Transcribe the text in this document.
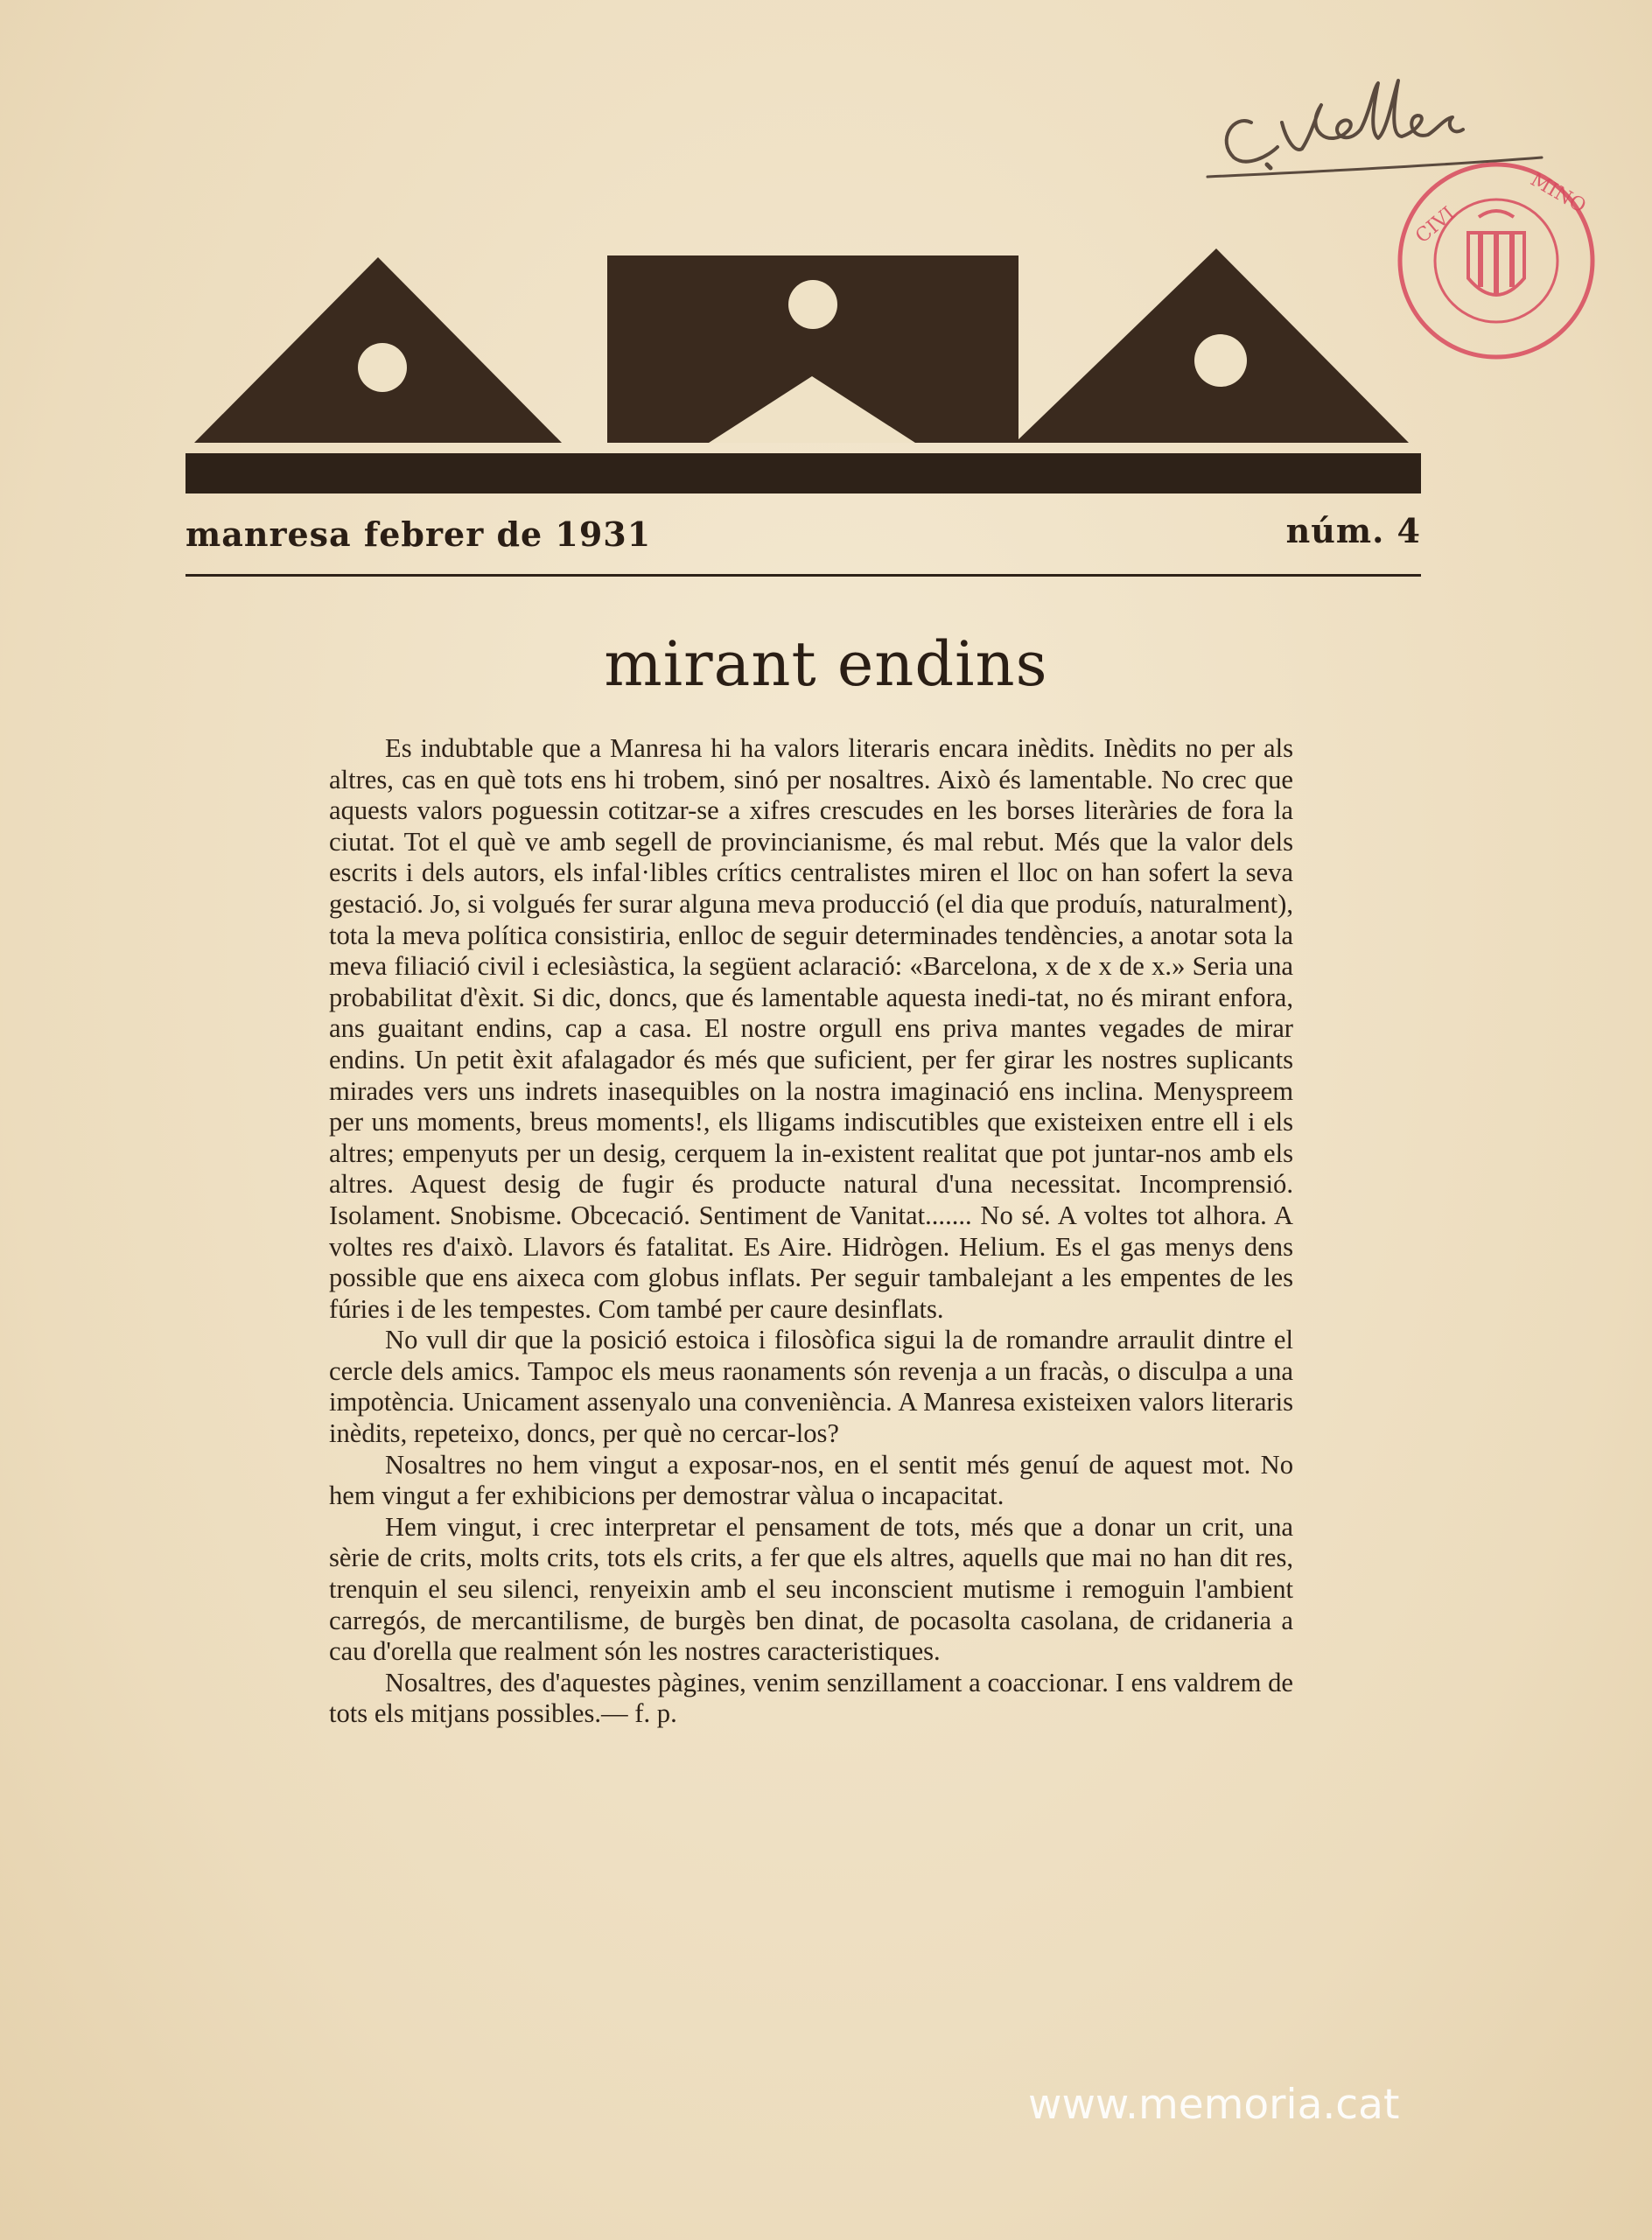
CIVI
MINO
manresa febrer de 1931	núm. 4
mirant endins

Es indubtable que a Manresa hi ha valors literaris encara inèdits. Inèdits no per als altres, cas en què tots ens hi trobem, sinó per nosaltres. Això és lamentable. No crec que aquests valors poguessin cotitzar-se a xifres crescudes en les borses literàries de fora la ciutat. Tot el què ve amb segell de provincianisme, és mal rebut. Més que la valor dels escrits i dels autors, els infal·libles crítics centralistes miren el lloc on han sofert la seva gestació. Jo, si volgués fer surar alguna meva producció (el dia que produís, naturalment), tota la meva política consistiria, enlloc de seguir determinades tendències, a anotar sota la meva filiació civil i eclesiàstica, la següent aclaració: «Barcelona, x de x de x.» Seria una probabilitat d'èxit. Si dic, doncs, que és lamentable aquesta inedi-tat, no és mirant enfora, ans guaitant endins, cap a casa. El nostre orgull ens priva mantes vegades de mirar endins. Un petit èxit afalagador és més que suficient, per fer girar les nostres suplicants mirades vers uns indrets inasequibles on la nostra imaginació ens inclina. Menyspreem per uns moments, breus moments!, els lligams indiscutibles que existeixen entre ell i els altres; empenyuts per un desig, cerquem la in-existent realitat que pot juntar-nos amb els altres. Aquest desig de fugir és producte natural d'una necessitat. Incomprensió. Isolament. Snobisme. Obcecació. Sentiment de Vanitat....... No sé. A voltes tot alhora. A voltes res d'això. Llavors és fatalitat. Es Aire. Hidrògen. Helium. Es el gas menys dens possible que ens aixeca com globus inflats. Per seguir tambalejant a les empentes de les fúries i de les tempestes. Com també per caure desinflats.

No vull dir que la posició estoica i filosòfica sigui la de romandre arraulit dintre el cercle dels amics. Tampoc els meus raonaments són revenja a un fracàs, o disculpa a una impotència. Unicament assenyalo una conveniència. A Manresa existeixen valors literaris inèdits, repeteixo, doncs, per què no cercar-los?

Nosaltres no hem vingut a exposar-nos, en el sentit més genuí de aquest mot. No hem vingut a fer exhibicions per demostrar vàlua o incapacitat.

Hem vingut, i crec interpretar el pensament de tots, més que a donar un crit, una sèrie de crits, molts crits, tots els crits, a fer que els altres, aquells que mai no han dit res, trenquin el seu silenci, renyeixin amb el seu inconscient mutisme i remoguin l'ambient carregós, de mercantilisme, de burgès ben dinat, de pocasolta casolana, de cridaneria a cau d'orella que realment són les nostres caracteristiques.

Nosaltres, des d'aquestes pàgines, venim senzillament a coaccionar. I ens valdrem de tots els mitjans possibles.— f. p.

www.memoria.cat
